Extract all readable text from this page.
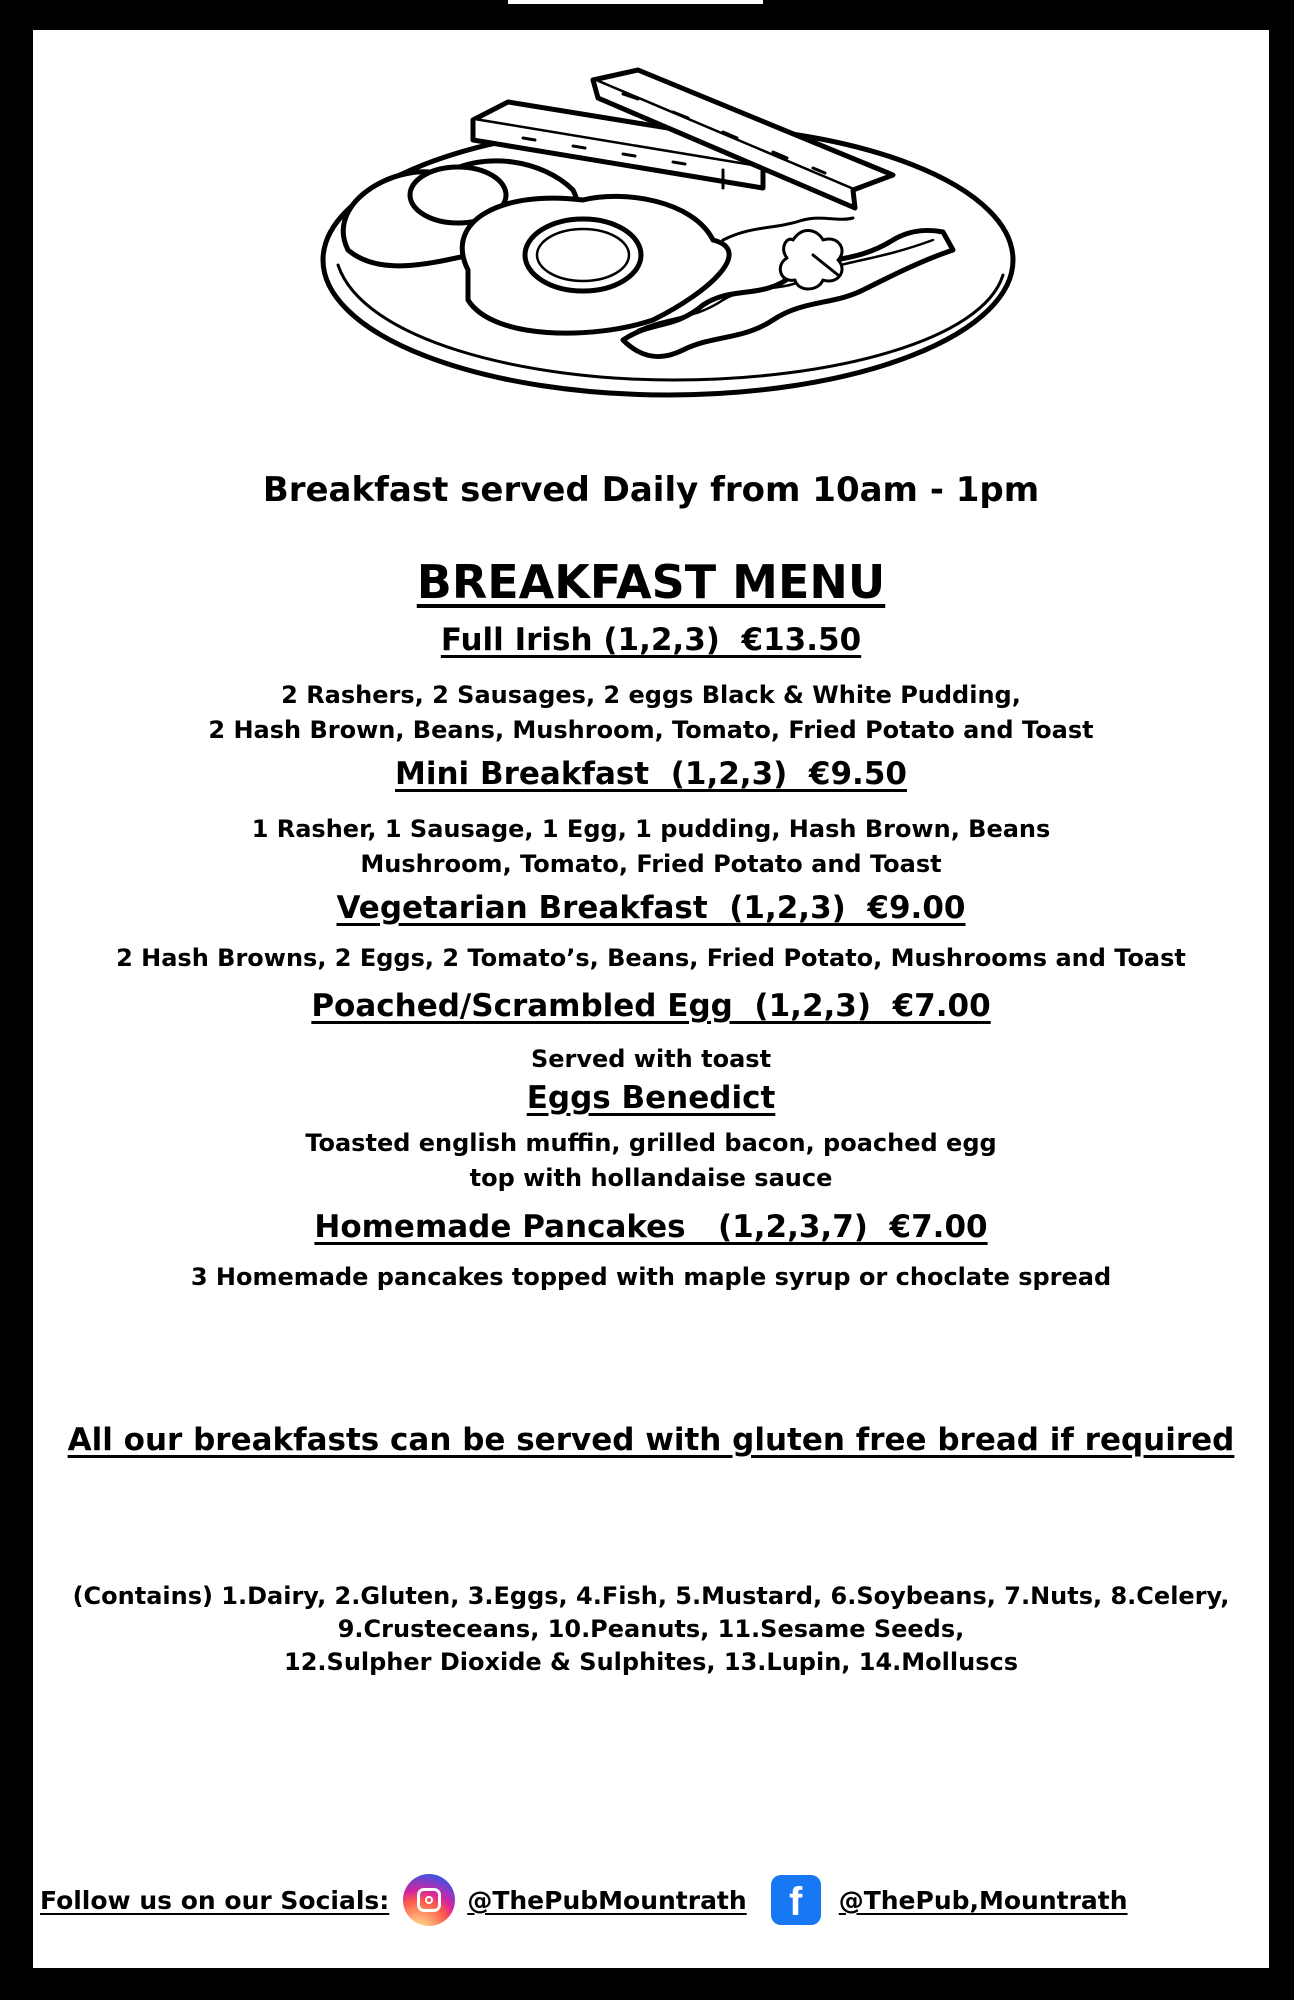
Breakfast served Daily from 10am - 1pm
BREAKFAST MENU
Full Irish (1,2,3)  €13.50
2 Rashers, 2 Sausages, 2 eggs Black & White Pudding,
2 Hash Brown, Beans, Mushroom, Tomato, Fried Potato and Toast
Mini Breakfast  (1,2,3)  €9.50
1 Rasher, 1 Sausage, 1 Egg, 1 pudding, Hash Brown, Beans
Mushroom, Tomato, Fried Potato and Toast
Vegetarian Breakfast  (1,2,3)  €9.00
2 Hash Browns, 2 Eggs, 2 Tomato’s, Beans, Fried Potato, Mushrooms and Toast
Poached/Scrambled Egg  (1,2,3)  €7.00
Served with toast
Eggs Benedict
Toasted english muffin, grilled bacon, poached egg
top with hollandaise sauce
Homemade Pancakes   (1,2,3,7)  €7.00
3 Homemade pancakes topped with maple syrup or choclate spread
All our breakfasts can be served with gluten free bread if required
(Contains) 1.Dairy, 2.Gluten, 3.Eggs, 4.Fish, 5.Mustard, 6.Soybeans, 7.Nuts, 8.Celery,
9.Crusteceans, 10.Peanuts, 11.Sesame Seeds,
12.Sulpher Dioxide & Sulphites, 13.Lupin, 14.Molluscs
Follow us on our Socials:	@ThePubMountrath	f	@ThePub,Mountrath
